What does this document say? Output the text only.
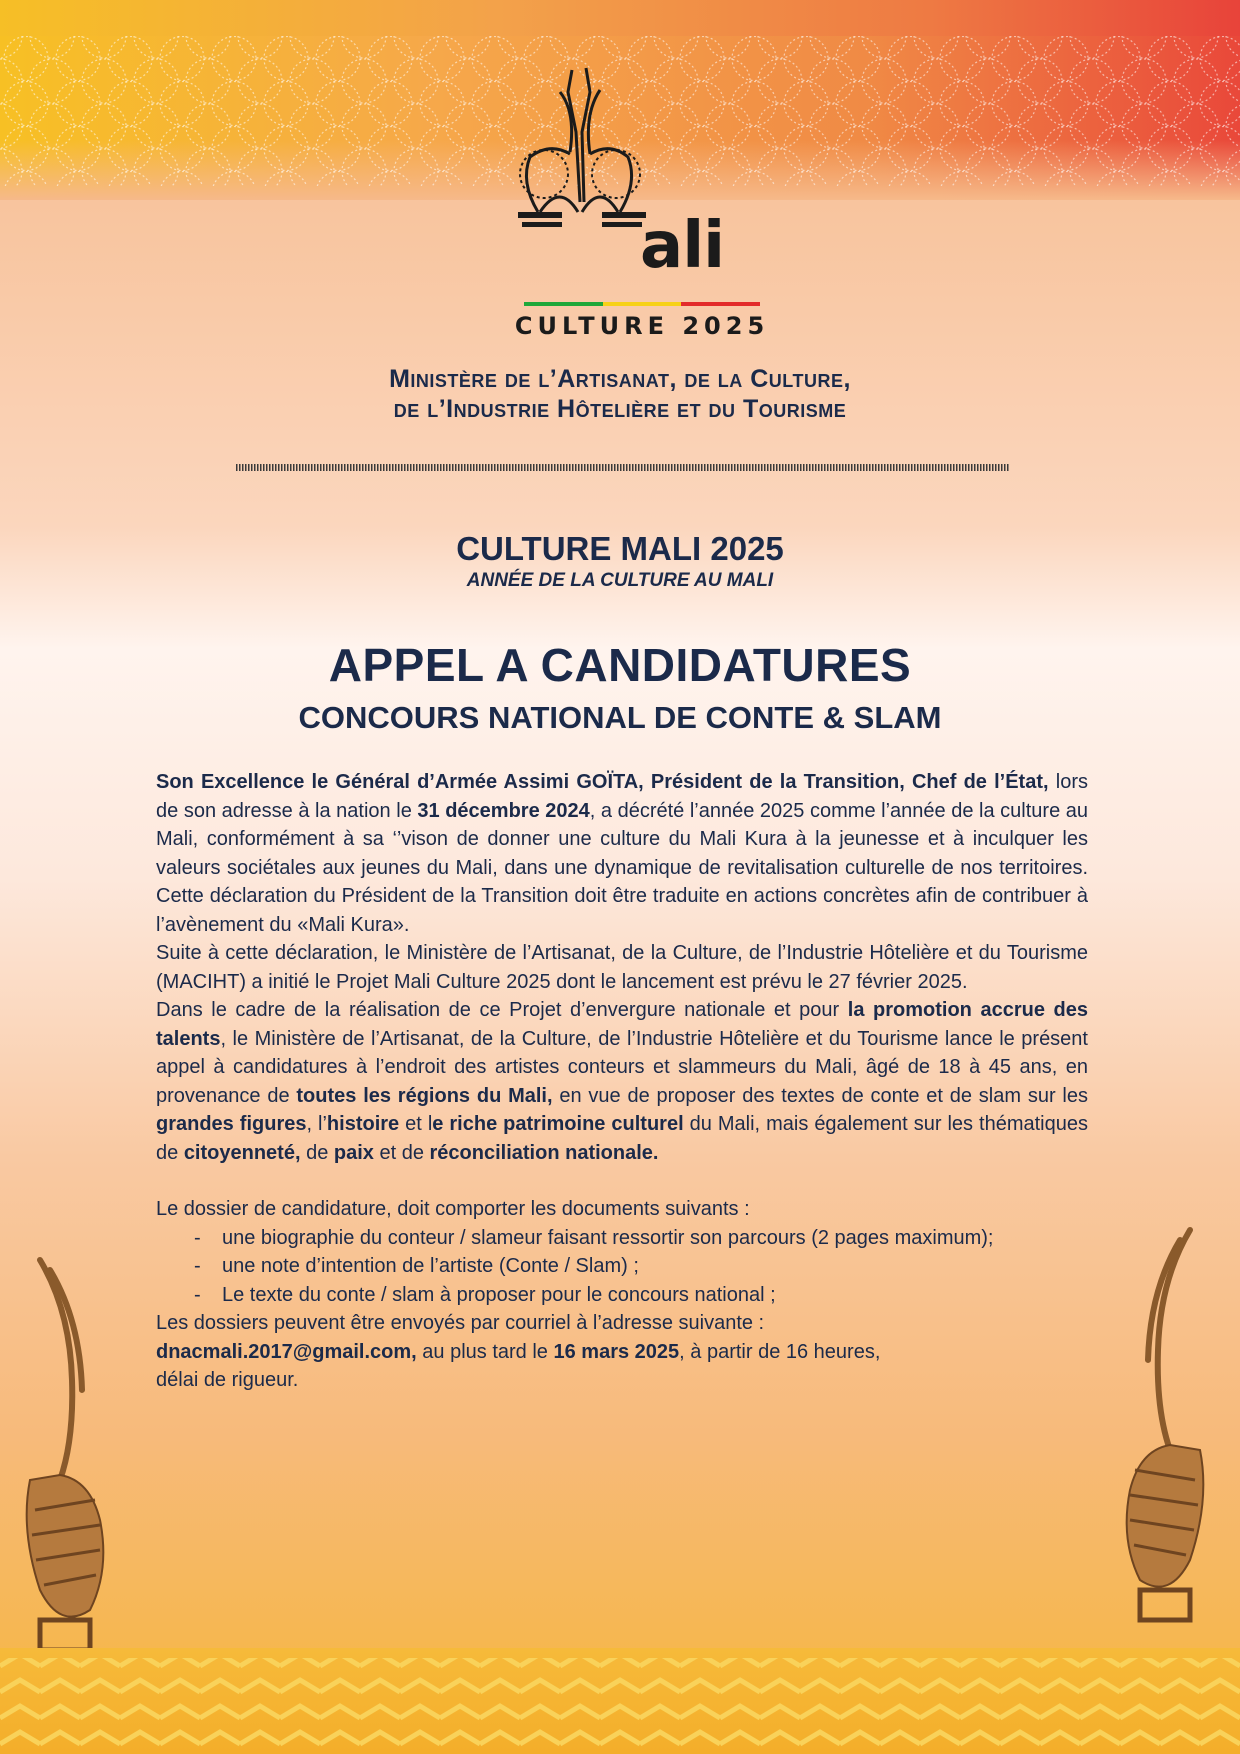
ali
CULTURE 2025
Ministère de l’Artisanat, de la Culture,
de l’Industrie Hôtelière et du Tourisme
CULTURE MALI 2025
ANNÉE DE LA CULTURE AU MALI
APPEL A CANDIDATURES
CONCOURS NATIONAL DE CONTE & SLAM

Son Excellence le Général d’Armée Assimi GOÏTA, Président de la Transition, Chef de l’État, lors de son adresse à la nation le 31 décembre 2024, a décrété l’année 2025 comme l’année de la culture au Mali, conformément à sa ‘’vison de donner une culture du Mali Kura à la jeunesse et à inculquer les valeurs sociétales aux jeunes du Mali, dans une dynamique de revitalisation culturelle de nos territoires. Cette déclaration du Président de la Transition doit être traduite en actions concrètes afin de contribuer à l’avènement du «Mali Kura».

Suite à cette déclaration, le Ministère de l’Artisanat, de la Culture, de l’Industrie Hôtelière et du Tourisme (MACIHT) a initié le Projet Mali Culture 2025 dont le lancement est prévu le 27 février 2025.

Dans le cadre de la réalisation de ce Projet d’envergure nationale et pour la promotion accrue des talents, le Ministère de l’Artisanat, de la Culture, de l’Industrie Hôtelière et du Tourisme lance le présent appel à candidatures à l’endroit des artistes conteurs et slammeurs du Mali, âgé de 18 à 45 ans, en provenance de toutes les régions du Mali, en vue de proposer des textes de conte et de slam sur les grandes figures, l’histoire et le riche patrimoine culturel du Mali, mais également sur les thématiques de citoyenneté, de paix et de réconciliation nationale.

Le dossier de candidature, doit comporter les documents suivants :

- une biographie du conteur / slameur faisant ressortir son parcours (2 pages maximum);
- une note d’intention de l’artiste (Conte / Slam) ;
- Le texte du conte / slam à proposer pour le concours national ;

Les dossiers peuvent être envoyés par courriel à l’adresse suivante :

dnacmali.2017@gmail.com, au plus tard le 16 mars 2025, à partir de 16 heures,

délai de rigueur.
